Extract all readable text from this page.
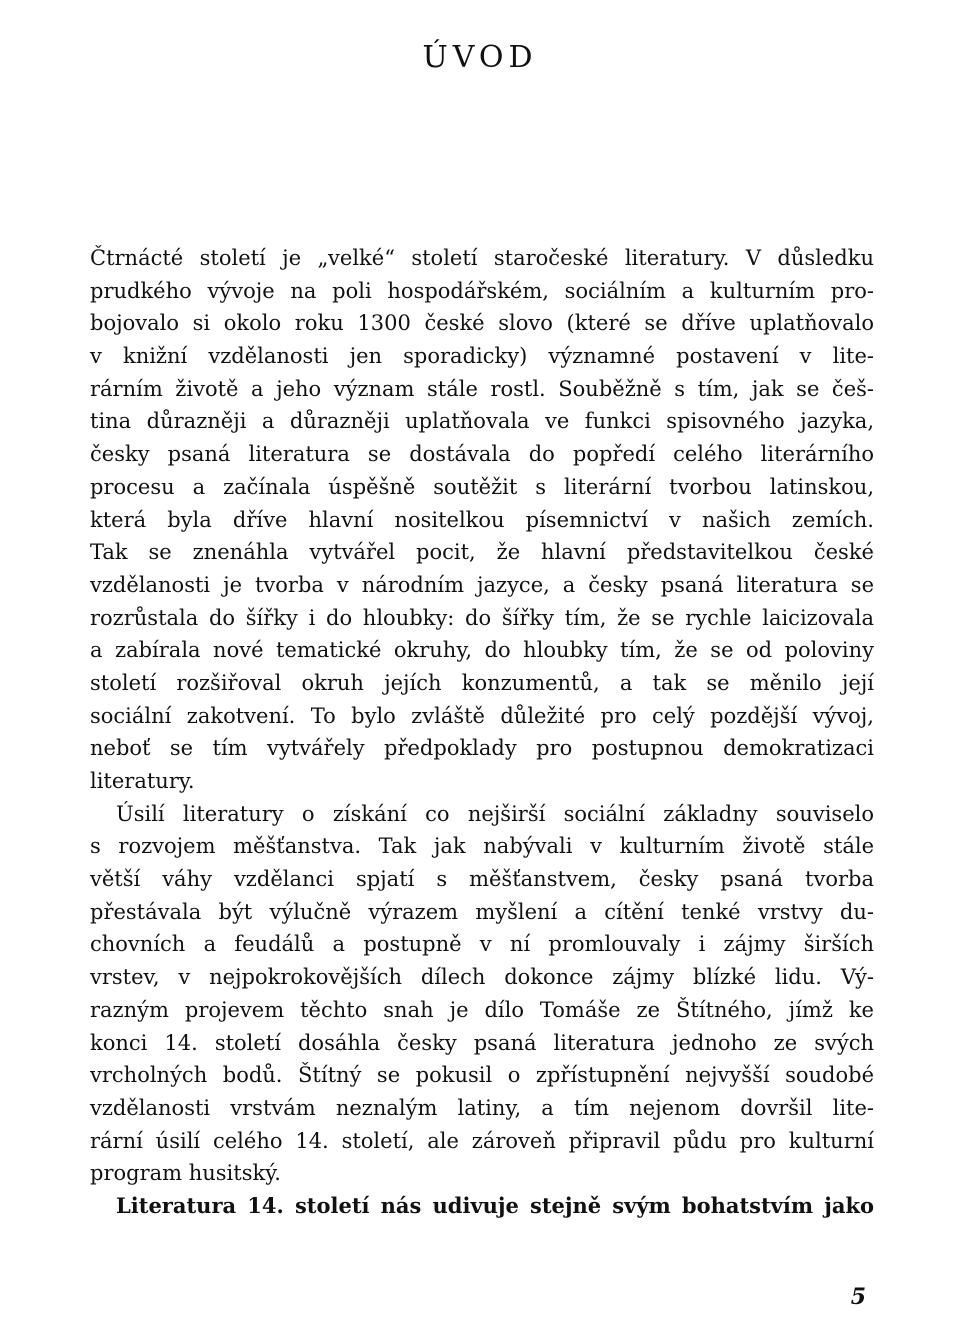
ÚVOD
Čtrnácté století je „velké“ století staročeské literatury. V důsledku
prudkého vývoje na poli hospodářském, sociálním a kulturním pro-
bojovalo si okolo roku 1300 české slovo (které se dříve uplatňovalo
v knižní vzdělanosti jen sporadicky) významné postavení v lite-
rárním životě a jeho význam stále rostl. Souběžně s tím, jak se češ-
tina důrazněji a důrazněji uplatňovala ve funkci spisovného jazyka,
česky psaná literatura se dostávala do popředí celého literárního
procesu a začínala úspěšně soutěžit s literární tvorbou latinskou,
která byla dříve hlavní nositelkou písemnictví v našich zemích.
Tak se znenáhla vytvářel pocit, že hlavní představitelkou české
vzdělanosti je tvorba v národním jazyce, a česky psaná literatura se
rozrůstala do šířky i do hloubky: do šířky tím, že se rychle laicizovala
a zabírala nové tematické okruhy, do hloubky tím, že se od poloviny
století rozšiřoval okruh jejích konzumentů, a tak se měnilo její
sociální zakotvení. To bylo zvláště důležité pro celý pozdější vývoj,
neboť se tím vytvářely předpoklady pro postupnou demokratizaci
literatury.
Úsilí literatury o získání co nejširší sociální základny souviselo
s rozvojem měšťanstva. Tak jak nabývali v kulturním životě stále
větší váhy vzdělanci spjatí s měšťanstvem, česky psaná tvorba
přestávala být výlučně výrazem myšlení a cítění tenké vrstvy du-
chovních a feudálů a postupně v ní promlouvaly i zájmy širších
vrstev, v nejpokrokovějších dílech dokonce zájmy blízké lidu. Vý-
razným projevem těchto snah je dílo Tomáše ze Štítného, jímž ke
konci 14. století dosáhla česky psaná literatura jednoho ze svých
vrcholných bodů. Štítný se pokusil o zpřístupnění nejvyšší soudobé
vzdělanosti vrstvám neznalým latiny, a tím nejenom dovršil lite-
rární úsilí celého 14. století, ale zároveň připravil půdu pro kulturní
program husitský.
Literatura 14. století nás udivuje stejně svým bohatstvím jako
5
